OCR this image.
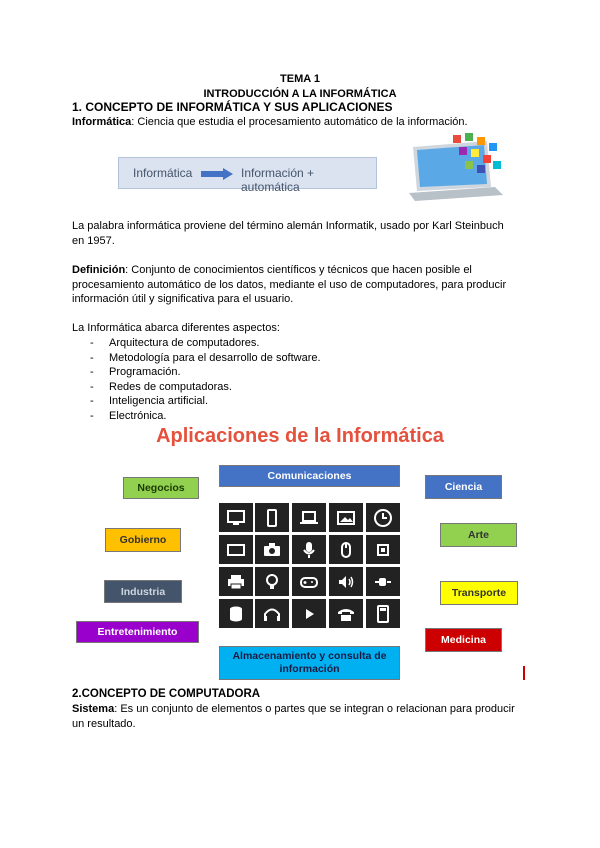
TEMA 1
INTRODUCCIÓN A LA INFORMÁTICA
1. CONCEPTO DE INFORMÁTICA Y SUS APLICACIONES

Informática: Ciencia que estudia el procesamiento automático de la información.

Informática	Información + automática

La palabra informática proviene del término alemán Informatik, usado por Karl Steinbuch

en 1957.

Definición: Conjunto de conocimientos científicos y técnicos que hacen posible el

procesamiento automático de los datos, mediante el uso de computadores, para producir

información útil y significativa para el usuario.

La Informática abarca diferentes aspectos:

- Arquitectura de computadores.
- Metodología para el desarrollo de software.
- Programación.
- Redes de computadoras.
- Inteligencia artificial.
- Electrónica.
Aplicaciones de la Informática
Comunicaciones
Negocios	Ciencia
Gobierno	Arte
Industria	Transporte
Entretenimiento
Medicina
Almacenamiento y consulta de
información
2.CONCEPTO DE COMPUTADORA

Sistema: Es un conjunto de elementos o partes que se integran o relacionan para producir

un resultado.
